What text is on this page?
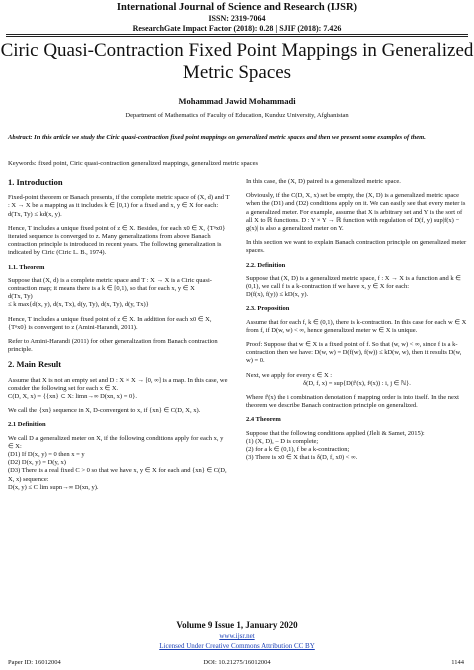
International Journal of Science and Research (IJSR)
ISSN: 2319-7064
ResearchGate Impact Factor (2018): 0.28 | SJIF (2018): 7.426
Ciric Quasi-Contraction Fixed Point Mappings in Generalized Metric Spaces
Mohammad Jawid Mohammadi
Department of Mathematics of Faculty of Education, Kunduz University, Afghanistan
Abstract: In this article we study the Ciric quasi-contraction fixed point mappings on generalized metric spaces and then we present some examples of them.
Keywords: fixed point, Ciric quasi-contraction generalized mappings, generalized metric spaces

1. Introduction

Fixed-point theorem or Banach presents, if the complete metric space of (X, d) and T : X → X be a mapping as it includes k ∈ [0,1) for a fixed and x, y ∈ X for each:
d(Tx, Ty) ≤ kd(x, y).

Hence, T includes a unique fixed point of z ∈ X. Besides, for each x0 ∈ X, {Tⁿx0} iterated sequence is converged to z. Many generalizations from above Banach contraction principle is introduced in recent years. The following generalization is indicated by Ciric (Ciric L. B., 1974).

1.1. Theorem

Suppose that (X, d) is a complete metric space and T : X → X is a Ciric quasi-contraction map; it means there is a k ∈ [0,1), so that for each x, y ∈ X
d(Tx, Ty)
≤ k max{d(x, y), d(x, Tx), d(y, Ty), d(x, Ty), d(y, Tx)}

Hence, T includes a unique fixed point of z ∈ X. In addition for each x0 ∈ X, {Tⁿx0} is convergent to z (Amini-Harandi, 2011).

Refer to Amini-Harandi (2011) for other generalization from Banach contraction principle.

2. Main Result

Assume that X is not an empty set and D : X × X → [0, ∞] is a map. In this case, we consider the following set for each x ∈ X.
C(D, X, x) = {{xn} ⊂ X: limn→∞ D(xn, x) = 0}.

We call the {xn} sequence in X, D-convergent to x, if {xn} ∈ C(D, X, x).

2.1 Definition

We call D a generalized meter on X, if the following conditions apply for each x, y ∈ X:
(D1) If D(x, y) = 0 then x = y
(D2) D(x, y) = D(y, x)
(D3) There is a real fixed C > 0 so that we have x, y ∈ X for each and {xn} ∈ C(D, X, x) sequence:
D(x, y) ≤ C lim supn→∞ D(xn, y).

In this case, the (X, D) paired is a generalized metric space.

Obviously, if the C(D, X, x) set be empty, the (X, D) is a generalized metric space when the (D1) and (D2) conditions apply on it. We can easily see that every meter is a generalized meter. For example, assume that X is arbitrary set and Y is the sort of all X to ℝ functions. D : Y × Y → ℝ function with regulation of D(f, y) sup|f(x) − g(x)| is also a generalized meter on Y.

In this section we want to explain Banach contraction principle on generalized meter spaces.

2.2. Definition

Suppose that (X, D) is a generalized metric space, f : X → X is a function and k ∈ (0,1), we call f is a k-contraction if we have x, y ∈ X for each:
D(f(x), f(y)) ≤ kD(x, y).

2.3. Proposition

Assume that for each f, k ∈ (0,1), there is k-contraction. In this case for each w ∈ X from f, if D(w, w) < ∞, hence generalized meter w ∈ X is unique.

Proof: Suppose that w ∈ X is a fixed point of f. So that (w, w) < ∞, since f is a k-contraction then we have: D(w, w) = D(f(w), f(w)) ≤ kD(w, w), then it results D(w, w) = 0.

Next, we apply for every ϵ ∈ X :
δ(D, f, x) = sup{D(fⁱ(x), fʲ(x)) : i, j ∈ ℕ}.

Where fⁱ(x) the i combination denotation f mapping order is into itself. In the next theorem we describe Banach contraction principle on generalized.

2.4 Theorem

Suppose that the following conditions applied (Jleli & Samet, 2015):
(1) (X, D), – D is complete;
(2) for a k ∈ (0,1), f be a k-contraction;
(3) There is x0 ∈ X that is δ(D, f, x0) < ∞.

Volume 9 Issue 1, January 2020
www.ijsr.net
Licensed Under Creative Commons Attribution CC BY
Paper ID: 16012004	DOI: 10.21275/16012004	1144
